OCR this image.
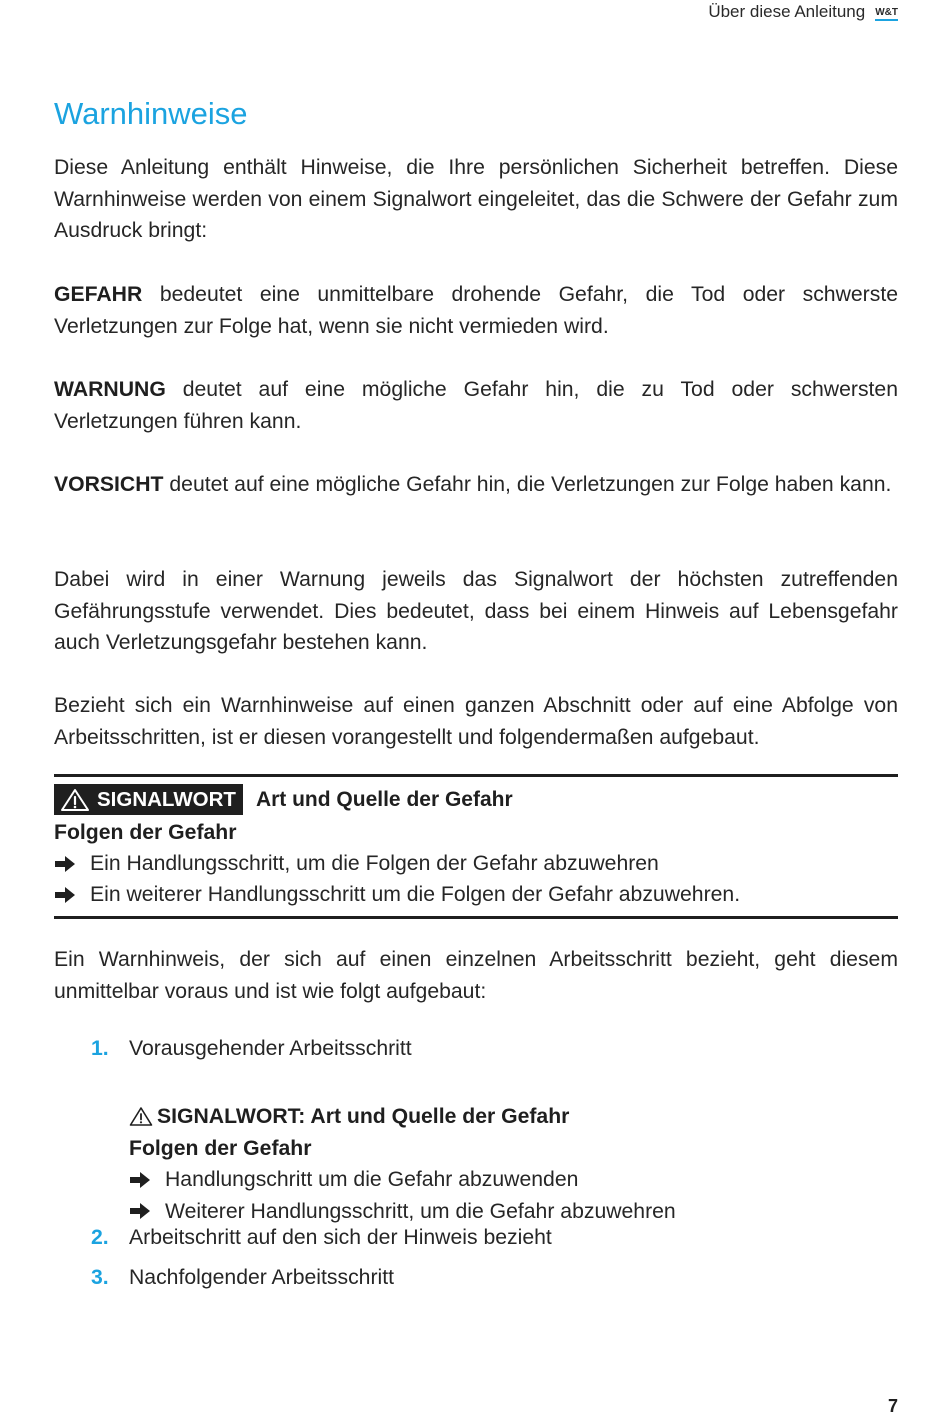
Über diese Anleitung W&T
Warnhinweise

Diese Anleitung enthält Hinweise, die Ihre persönlichen Sicherheit betreffen. Diese Warnhinweise werden von einem Signalwort eingeleitet, das die Schwere der Gefahr zum Ausdruck bringt:

GEFAHR bedeutet eine unmittelbare drohende Gefahr, die Tod oder schwerste Verletzungen zur Folge hat, wenn sie nicht vermieden wird.

WARNUNG deutet auf eine mögliche Gefahr hin, die zu Tod oder schwersten Verletzungen führen kann.

VORSICHT deutet auf eine mögliche Gefahr hin, die Verletzungen zur Folge haben kann.

Dabei wird in einer Warnung jeweils das Signalwort der höchsten zutreffenden Gefährungsstufe verwendet. Dies bedeutet, dass bei einem Hinweis auf Lebensgefahr auch Verletzungsgefahr bestehen kann.

Bezieht sich ein Warnhinweise auf einen ganzen Abschnitt oder auf eine Abfolge von Arbeitsschritten, ist er diesen vorangestellt und folgendermaßen aufgebaut.

SIGNALWORT Art und Quelle der Gefahr
Folgen der Gefahr
Ein Handlungsschritt, um die Folgen der Gefahr abzuwehren
Ein weiterer Handlungsschritt um die Folgen der Gefahr abzuwehren.

Ein Warnhinweis, der sich auf einen einzelnen Arbeitsschritt bezieht, geht diesem unmittelbar voraus und ist wie folgt aufgebaut:

1. Vorausgehender Arbeitsschritt
SIGNALWORT: Art und Quelle der Gefahr
Folgen der Gefahr
Handlungschritt um die Gefahr abzuwenden
Weiterer Handlungsschritt, um die Gefahr abzuwehren
2. Arbeitschritt auf den sich der Hinweis bezieht
3. Nachfolgender Arbeitsschritt
7
